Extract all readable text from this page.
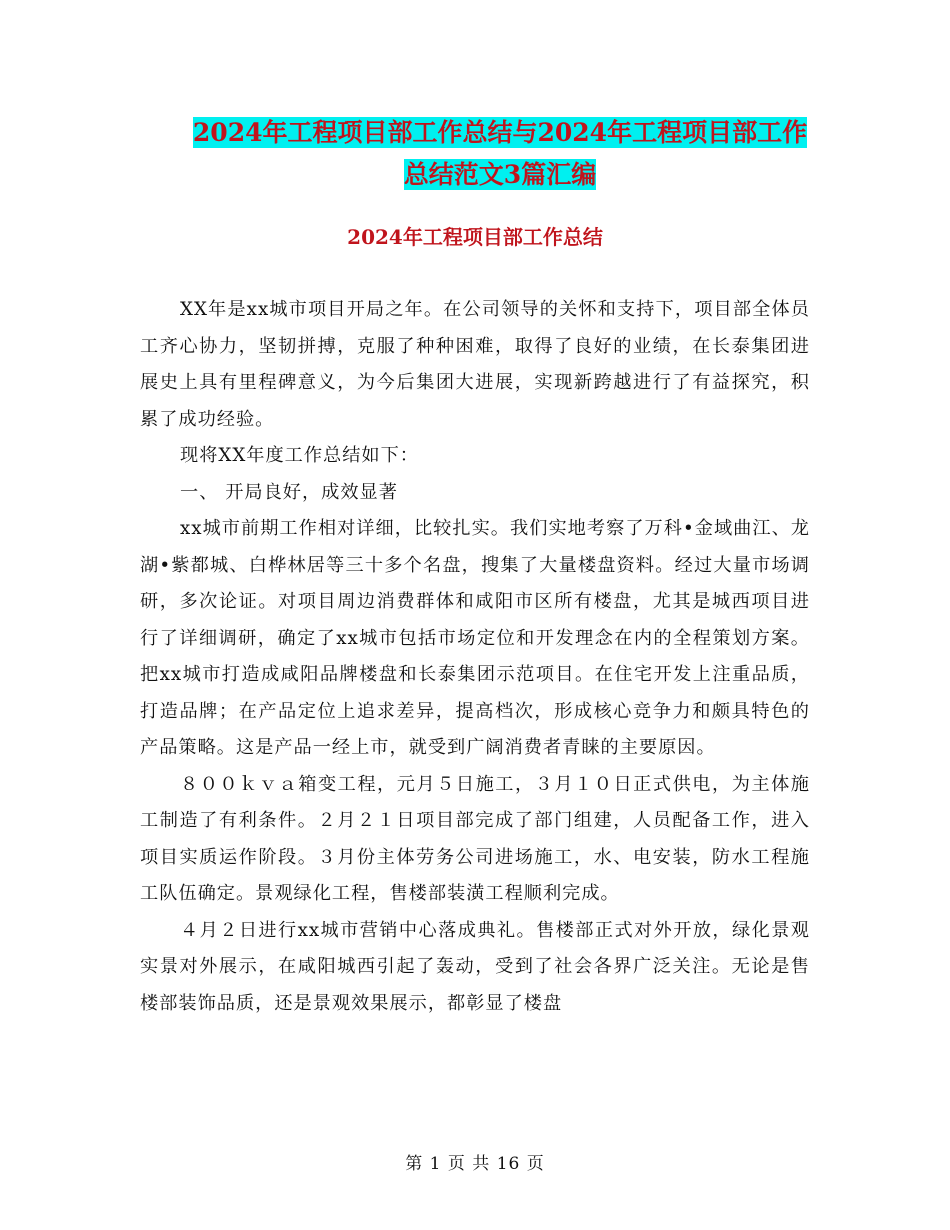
2024年工程项目部工作总结与2024年工程项目部工作
总结范文3篇汇编
2024年工程项目部工作总结

XX年是xx城市项目开局之年。在公司领导的关怀和支持下，项目部全体员工齐心协力，坚韧拼搏，克服了种种困难，取得了良好的业绩，在长泰集团进展史上具有里程碑意义，为今后集团大进展，实现新跨越进行了有益探究，积累了成功经验。

现将XX年度工作总结如下：

一、 开局良好，成效显著

xx城市前期工作相对详细，比较扎实。我们实地考察了万科•金域曲江、龙湖•紫都城、白桦林居等三十多个名盘，搜集了大量楼盘资料。经过大量市场调研，多次论证。对项目周边消费群体和咸阳市区所有楼盘，尤其是城西项目进行了详细调研，确定了xx城市包括市场定位和开发理念在内的全程策划方案。把xx城市打造成咸阳品牌楼盘和长泰集团示范项目。在住宅开发上注重品质，打造品牌；在产品定位上追求差异，提高档次，形成核心竞争力和颇具特色的产品策略。这是产品一经上市，就受到广阔消费者青睐的主要原因。

８００ｋｖａ箱变工程，元月５日施工，３月１０日正式供电，为主体施工制造了有利条件。２月２１日项目部完成了部门组建，人员配备工作，进入项目实质运作阶段。３月份主体劳务公司进场施工，水、电安装，防水工程施工队伍确定。景观绿化工程，售楼部装潢工程顺利完成。

４月２日进行xx城市营销中心落成典礼。售楼部正式对外开放，绿化景观实景对外展示，在咸阳城西引起了轰动，受到了社会各界广泛关注。无论是售楼部装饰品质，还是景观效果展示，都彰显了楼盘

第 1 页 共 16 页
